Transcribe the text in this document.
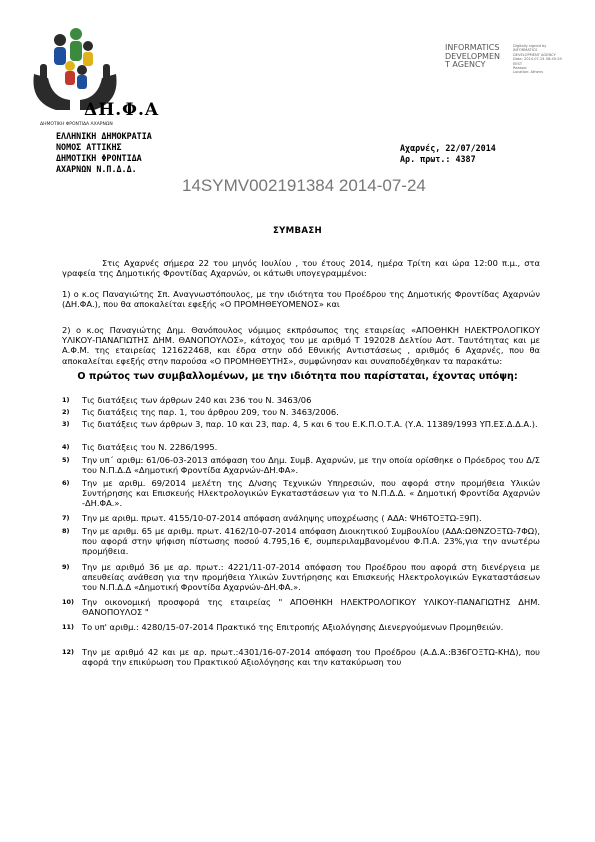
ΔΗ.Φ.Α
ΔΗΜΟΤΙΚΗ ΦΡΟΝΤΙΔΑ ΑΧΑΡΝΩΝ
INFORMATICS
DEVELOPMEN
T AGENCY
Digitally signed by
INFORMATICS
DEVELOPMENT AGENCY
Date: 2014.07.24 08:45:29
EEST
Reason:
Location: Athens
ΕΛΛΗΝΙΚΗ ΔΗΜΟΚΡΑΤΙΑ
ΝΟΜΟΣ ΑΤΤΙΚΗΣ
ΔΗΜΟΤΙΚΗ ΦΡΟΝΤΙΔΑ
ΑΧΑΡΝΩΝ Ν.Π.Δ.Δ.
Αχαρνές, 22/07/2014
Αρ. πρωτ.: 4387
14SYMV002191384 2014-07-24
ΣΥΜΒΑΣΗ
Στις Αχαρνές σήμερα 22 του μηνός Ιουλίου , του έτους 2014, ημέρα Τρίτη και ώρα 12:00 π.μ., στα γραφεία της Δημοτικής Φροντίδας Αχαρνών, οι κάτωθι υπογεγραμμένοι:
1) ο κ.ος Παναγιώτης Σπ. Αναγνωστόπουλος, με την ιδιότητα του Προέδρου της Δημοτικής Φροντίδας Αχαρνών (ΔΗ.ΦΑ.), που θα αποκαλείται εφεξής «Ο ΠΡΟΜΗΘΕΥΟΜΕΝΟΣ» και
2) ο κ.ος Παναγιώτης Δημ. Θανόπουλος νόμιμος εκπρόσωπος της εταιρείας «ΑΠΟΘΗΚΗ ΗΛΕΚΤΡΟΛΟΓΙΚΟΥ ΥΛΙΚΟΥ-ΠΑΝΑΓΙΩΤΗΣ ΔΗΜ. ΘΑΝΟΠΟΥΛΟΣ», κάτοχος του με αριθμό Τ 192028 Δελτίου Αστ. Ταυτότητας και με Α.Φ.Μ. της εταιρείας 121622468, και έδρα στην οδό Εθνικής Αντιστάσεως , αριθμός 6 Αχαρνές, που θα αποκαλείται εφεξής στην παρούσα «Ο ΠΡΟΜΗΘΕΥΤΗΣ», συμφώνησαν και συναποδέχθηκαν τα παρακάτω:
Ο πρώτος των συμβαλλομένων, με την ιδιότητα που παρίσταται, έχοντας υπόψη:
1)	Τις διατάξεις των άρθρων 240 και 236 του Ν. 3463/06
2)	Τις διατάξεις της παρ. 1, του άρθρου 209, του Ν. 3463/2006.
3)	Τις διατάξεις των άρθρων 3, παρ. 10 και 23, παρ. 4, 5 και 6 του Ε.Κ.Π.Ο.Τ.Α. (Υ.Α. 11389/1993 ΥΠ.ΕΣ.Δ.Δ.Α.).
4)	Τις διατάξεις του Ν. 2286/1995.
5)	Την υπ΄ αριθμ: 61/06-03-2013 απόφαση του Δημ. Συμβ. Αχαρνών, με την οποία ορίσθηκε ο Πρόεδρος του Δ/Σ του Ν.Π.Δ.Δ «Δημοτική Φροντίδα Αχαρνών-ΔΗ.ΦΑ».
6)	Την με αριθμ. 69/2014 μελέτη της Δ/νσης Τεχνικών Υπηρεσιών, που αφορά στην προμήθεια Υλικών Συντήρησης και Επισκευής Ηλεκτρολογικών Εγκαταστάσεων για το Ν.Π.Δ.Δ. « Δημοτική Φροντίδα Αχαρνών -ΔΗ.ΦΑ.».
7)	Την με αριθμ. πρωτ. 4155/10-07-2014 απόφαση ανάληψης υποχρέωσης ( ΑΔΑ: ΨΗ6ΤΟΞΤΩ-Ξ9Π).
8)	Την με αριθμ. 65 με αριθμ. πρωτ. 4162/10-07-2014 απόφαση Διοικητικού Συμβουλίου (ΑΔΑ:ΩΘΝΖΟΞΤΩ-7ΦΩ), που αφορά στην ψήφιση πίστωσης ποσού 4.795,16 €, συμπεριλαμβανομένου Φ.Π.Α. 23%,για την ανωτέρω προμήθεια.
9)	Την με αριθμό 36 με αρ. πρωτ.: 4221/11-07-2014 απόφαση του Προέδρου που αφορά στη διενέργεια με απευθείας ανάθεση για την προμήθεια Υλικών Συντήρησης και Επισκευής Ηλεκτρολογικών Εγκαταστάσεων του Ν.Π.Δ.Δ «Δημοτική Φροντίδα Αχαρνών-ΔΗ.ΦΑ.».
10) Την οικονομική προσφορά της εταιρείας " ΑΠΟΘΗΚΗ ΗΛΕΚΤΡΟΛΟΓΙΚΟΥ ΥΛΙΚΟΥ-ΠΑΝΑΓΙΩΤΗΣ ΔΗΜ. ΘΑΝΟΠΟΥΛΟΣ "
11) Το υπ' αριθμ.: 4280/15-07-2014 Πρακτικό της Επιτροπής Αξιολόγησης Διενεργούμενων Προμηθειών.
12) Την με αριθμό 42 και με αρ. πρωτ.:4301/16-07-2014 απόφαση του Προέδρου (Α.Δ.Α.:Β36ΓΟΞΤΩ-ΚΗΔ), που αφορά την επικύρωση του Πρακτικού Αξιολόγησης και την κατακύρωση του
